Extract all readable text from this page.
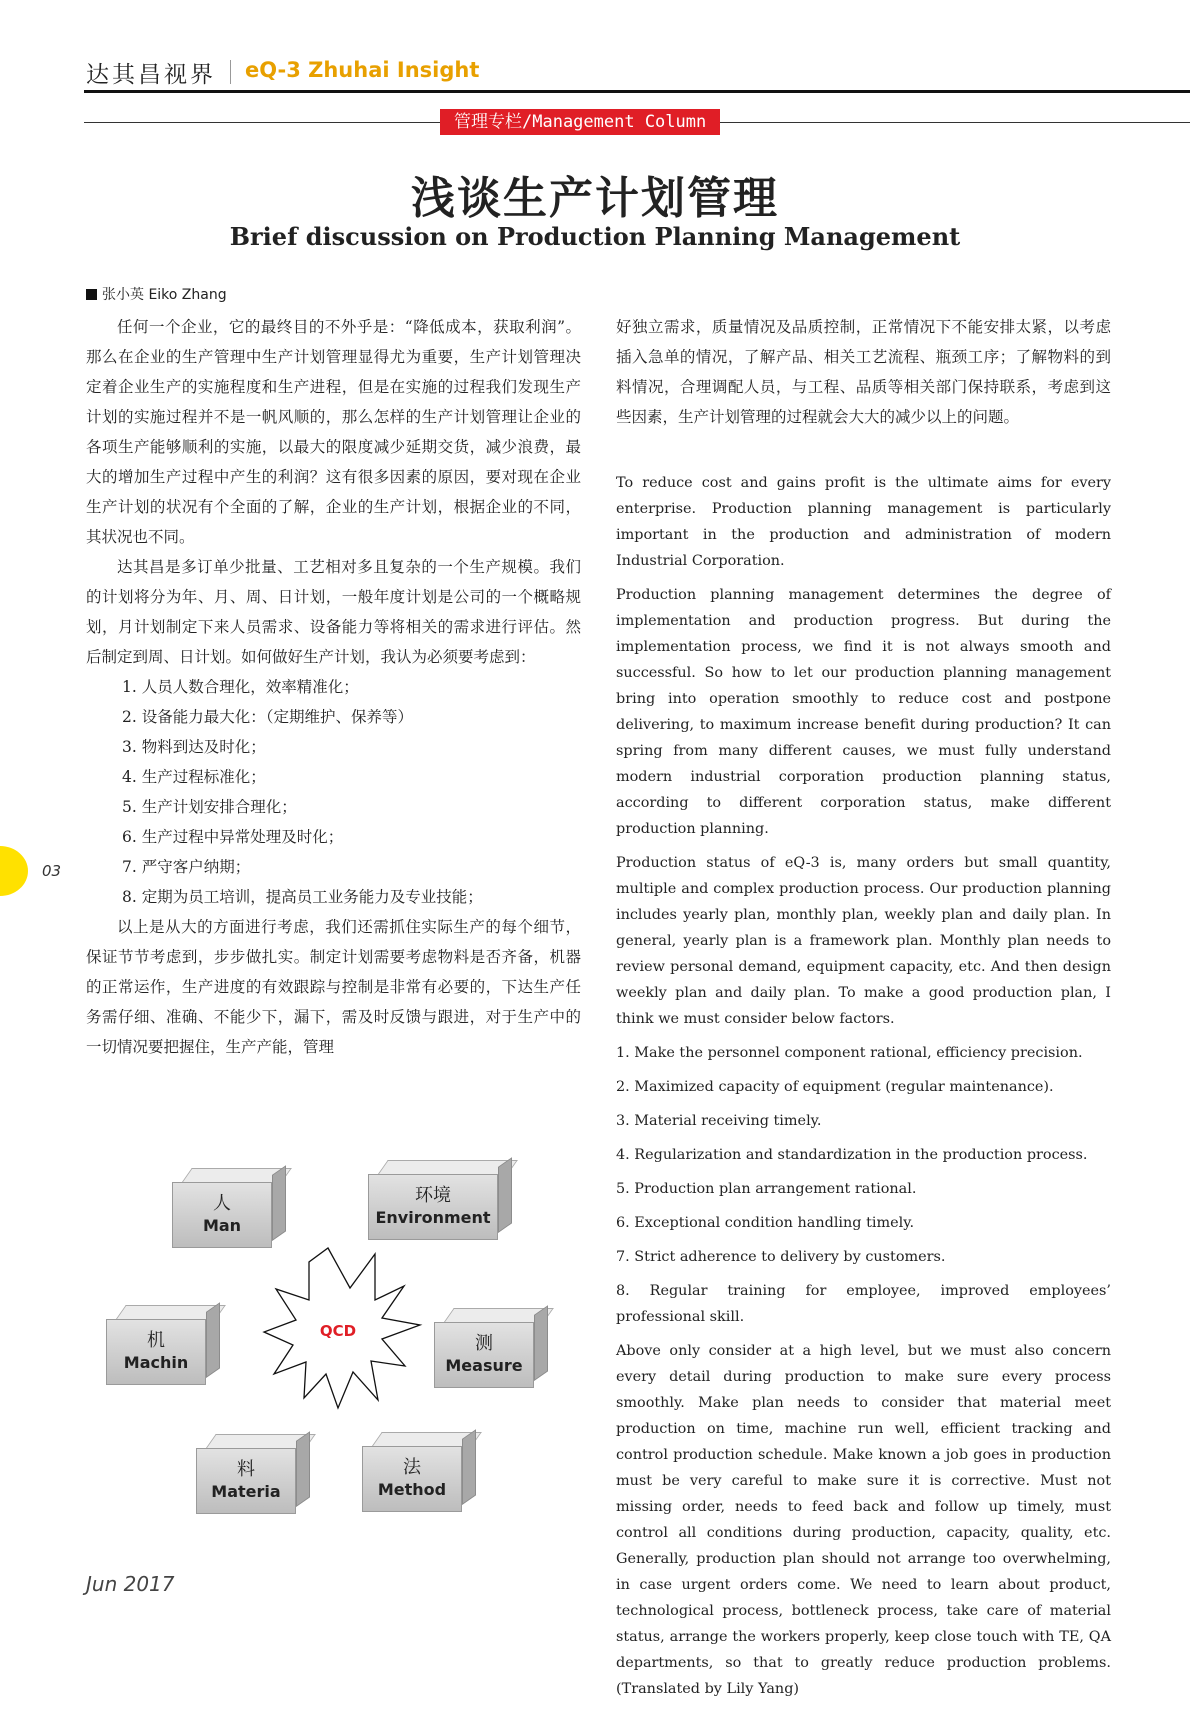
达其昌视界 eQ-3 Zhuhai Insight
管理专栏/Management Column
浅谈生产计划管理
Brief discussion on Production Planning Management
张小英 Eiko Zhang

任何一个企业，它的最终目的不外乎是：“降低成本，获取利润”。那么在企业的生产管理中生产计划管理显得尤为重要，生产计划管理决定着企业生产的实施程度和生产进程，但是在实施的过程我们发现生产计划的实施过程并不是一帆风顺的，那么怎样的生产计划管理让企业的各项生产能够顺利的实施，以最大的限度减少延期交货，减少浪费，最大的增加生产过程中产生的利润？这有很多因素的原因，要对现在企业生产计划的状况有个全面的了解，企业的生产计划，根据企业的不同，其状况也不同。

达其昌是多订单少批量、工艺相对多且复杂的一个生产规模。我们的计划将分为年、月、周、日计划，一般年度计划是公司的一个概略规划，月计划制定下来人员需求、设备能力等将相关的需求进行评估。然后制定到周、日计划。如何做好生产计划，我认为必须要考虑到：

1. 人员人数合理化，效率精准化；

2. 设备能力最大化：（定期维护、保养等）

3. 物料到达及时化；

4. 生产过程标准化；

5. 生产计划安排合理化；

6. 生产过程中异常处理及时化；

7. 严守客户纳期；

8. 定期为员工培训，提高员工业务能力及专业技能；

以上是从大的方面进行考虑，我们还需抓住实际生产的每个细节，保证节节考虑到，步步做扎实。制定计划需要考虑物料是否齐备，机器的正常运作，生产进度的有效跟踪与控制是非常有必要的，下达生产任务需仔细、准确、不能少下，漏下，需及时反馈与跟进，对于生产中的一切情况要把握住，生产产能，管理

QCD
人
Man
环境
Environment
机
Machin
测
Measure
料
Materia
法
Method

好独立需求，质量情况及品质控制，正常情况下不能安排太紧，以考虑插入急单的情况，了解产品、相关工艺流程、瓶颈工序；了解物料的到料情况，合理调配人员，与工程、品质等相关部门保持联系，考虑到这些因素，生产计划管理的过程就会大大的减少以上的问题。

To reduce cost and gains profit is the ultimate aims for every enterprise. Production planning management is particularly important in the production and administration of modern Industrial Corporation.

Production planning management determines the degree of implementation and production progress. But during the implementation process, we find it is not always smooth and successful. So how to let our production planning management bring into operation smoothly to reduce cost and postpone delivering, to maximum increase benefit during production? It can spring from many different causes, we must fully understand modern industrial corporation production planning status, according to different corporation status, make different production planning.

Production status of eQ-3 is, many orders but small quantity, multiple and complex production process. Our production planning includes yearly plan, monthly plan, weekly plan and daily plan. In general, yearly plan is a framework plan. Monthly plan needs to review personal demand, equipment capacity, etc. And then design weekly plan and daily plan. To make a good production plan, I think we must consider below factors.

1. Make the personnel component rational, efficiency precision.

2. Maximized capacity of equipment (regular maintenance).

3. Material receiving timely.

4. Regularization and standardization in the production process.

5. Production plan arrangement rational.

6. Exceptional condition handling timely.

7. Strict adherence to delivery by customers.

8. Regular training for employee, improved employees’ professional skill.

Above only consider at a high level, but we must also concern every detail during production to make sure every process smoothly. Make plan needs to consider that material meet production on time, machine run well, efficient tracking and control production schedule. Make known a job goes in production must be very careful to make sure it is corrective. Must not missing order, needs to feed back and follow up timely, must control all conditions during production, capacity, quality, etc. Generally, production plan should not arrange too overwhelming, in case urgent orders come. We need to learn about product, technological process, bottleneck process, take care of material status, arrange the workers properly, keep close touch with TE, QA departments, so that to greatly reduce production problems. (Translated by Lily Yang)

03
Jun 2017
